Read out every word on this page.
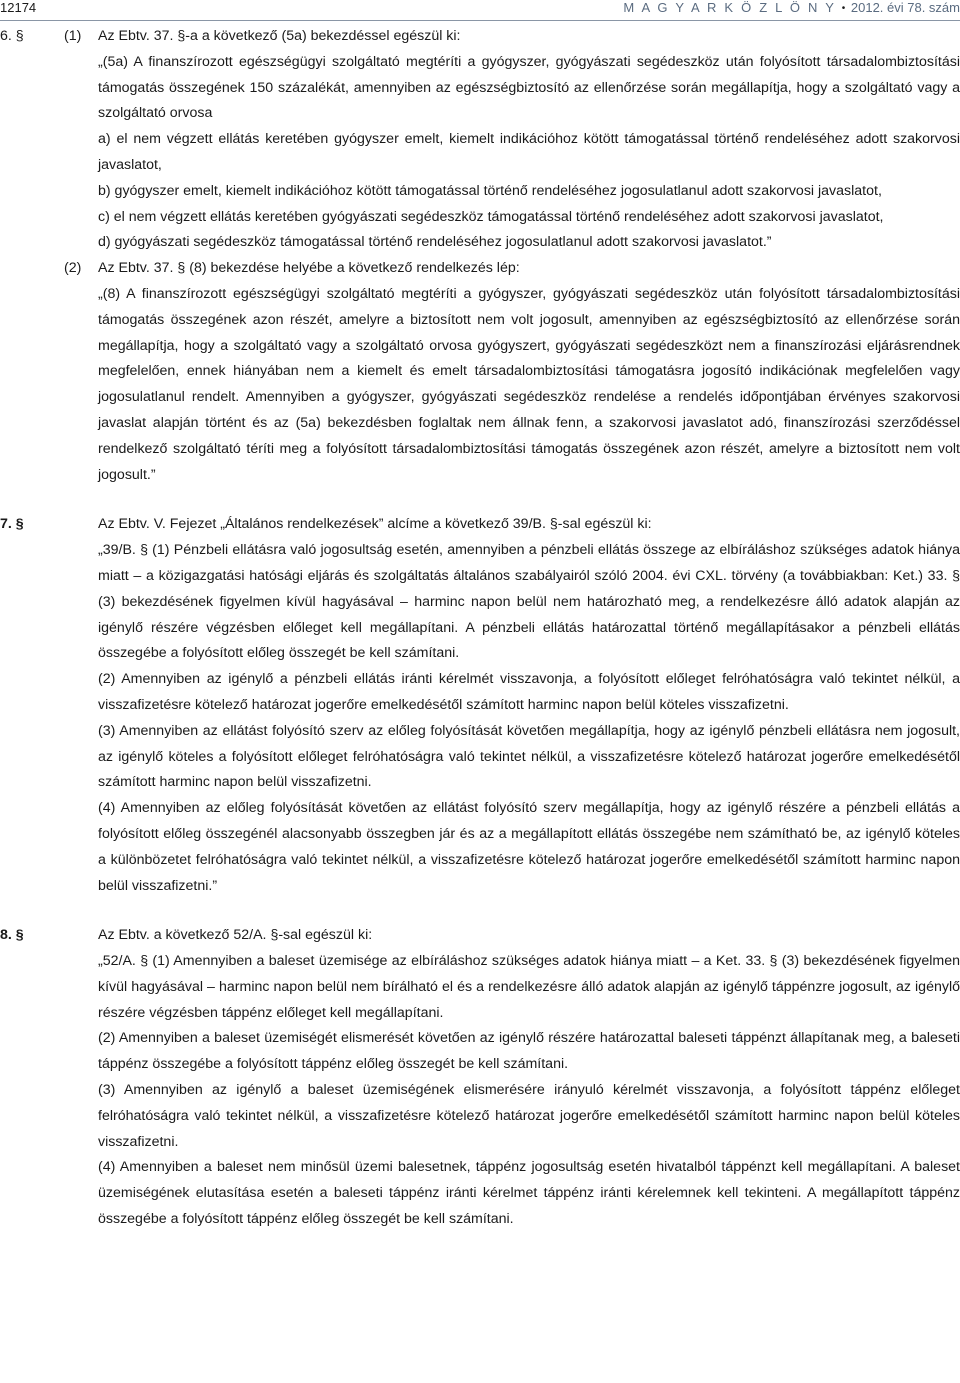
12174	M A G Y A R K Ö Z L Ö N Y • 2012. évi 78. szám
6. §	(1) Az Ebtv. 37. §-a a következő (5a) bekezdéssel egészül ki:

„(5a) A finanszírozott egészségügyi szolgáltató megtéríti a gyógyszer, gyógyászati segédeszköz után folyósított társadalombiztosítási támogatás összegének 150 százalékát, amennyiben az egészségbiztosító az ellenőrzése során megállapítja, hogy a szolgáltató vagy a szolgáltató orvosa

a) el nem végzett ellátás keretében gyógyszer emelt, kiemelt indikációhoz kötött támogatással történő rendeléséhez adott szakorvosi javaslatot,

b) gyógyszer emelt, kiemelt indikációhoz kötött támogatással történő rendeléséhez jogosulatlanul adott szakorvosi javaslatot,

c) el nem végzett ellátás keretében gyógyászati segédeszköz támogatással történő rendeléséhez adott szakorvosi javaslatot,

d) gyógyászati segédeszköz támogatással történő rendeléséhez jogosulatlanul adott szakorvosi javaslatot.”

(2) Az Ebtv. 37. § (8) bekezdése helyébe a következő rendelkezés lép:

„(8) A finanszírozott egészségügyi szolgáltató megtéríti a gyógyszer, gyógyászati segédeszköz után folyósított társadalombiztosítási támogatás összegének azon részét, amelyre a biztosított nem volt jogosult, amennyiben az egészségbiztosító az ellenőrzése során megállapítja, hogy a szolgáltató vagy a szolgáltató orvosa gyógyszert, gyógyászati segédeszközt nem a finanszírozási eljárásrendnek megfelelően, ennek hiányában nem a kiemelt és emelt társadalombiztosítási támogatásra jogosító indikációnak megfelelően vagy jogosulatlanul rendelt. Amennyiben a gyógyszer, gyógyászati segédeszköz rendelése a rendelés időpontjában érvényes szakorvosi javaslat alapján történt és az (5a) bekezdésben foglaltak nem állnak fenn, a szakorvosi javaslatot adó, finanszírozási szerződéssel rendelkező szolgáltató téríti meg a folyósított társadalombiztosítási támogatás összegének azon részét, amelyre a biztosított nem volt jogosult.”

7. §	Az Ebtv. V. Fejezet „Általános rendelkezések” alcíme a következő 39/B. §-sal egészül ki:

„39/B. § (1) Pénzbeli ellátásra való jogosultság esetén, amennyiben a pénzbeli ellátás összege az elbíráláshoz szükséges adatok hiánya miatt – a közigazgatási hatósági eljárás és szolgáltatás általános szabályairól szóló 2004. évi CXL. törvény (a továbbiakban: Ket.) 33. § (3) bekezdésének figyelmen kívül hagyásával – harminc napon belül nem határozható meg, a rendelkezésre álló adatok alapján az igénylő részére végzésben előleget kell megállapítani. A pénzbeli ellátás határozattal történő megállapításakor a pénzbeli ellátás összegébe a folyósított előleg összegét be kell számítani.

(2) Amennyiben az igénylő a pénzbeli ellátás iránti kérelmét visszavonja, a folyósított előleget felróhatóságra való tekintet nélkül, a visszafizetésre kötelező határozat jogerőre emelkedésétől számított harminc napon belül köteles visszafizetni.

(3) Amennyiben az ellátást folyósító szerv az előleg folyósítását követően megállapítja, hogy az igénylő pénzbeli ellátásra nem jogosult, az igénylő köteles a folyósított előleget felróhatóságra való tekintet nélkül, a visszafizetésre kötelező határozat jogerőre emelkedésétől számított harminc napon belül visszafizetni.

(4) Amennyiben az előleg folyósítását követően az ellátást folyósító szerv megállapítja, hogy az igénylő részére a pénzbeli ellátás a folyósított előleg összegénél alacsonyabb összegben jár és az a megállapított ellátás összegébe nem számítható be, az igénylő köteles a különbözetet felróhatóságra való tekintet nélkül, a visszafizetésre kötelező határozat jogerőre emelkedésétől számított harminc napon belül visszafizetni.”

8. §	Az Ebtv. a következő 52/A. §-sal egészül ki:

„52/A. § (1) Amennyiben a baleset üzemisége az elbíráláshoz szükséges adatok hiánya miatt – a Ket. 33. § (3) bekezdésének figyelmen kívül hagyásával – harminc napon belül nem bírálható el és a rendelkezésre álló adatok alapján az igénylő táppénzre jogosult, az igénylő részére végzésben táppénz előleget kell megállapítani.

(2) Amennyiben a baleset üzemiségét elismerését követően az igénylő részére határozattal baleseti táppénzt állapítanak meg, a baleseti táppénz összegébe a folyósított táppénz előleg összegét be kell számítani.

(3) Amennyiben az igénylő a baleset üzemiségének elismerésére irányuló kérelmét visszavonja, a folyósított táppénz előleget felróhatóságra való tekintet nélkül, a visszafizetésre kötelező határozat jogerőre emelkedésétől számított harminc napon belül köteles visszafizetni.

(4) Amennyiben a baleset nem minősül üzemi balesetnek, táppénz jogosultság esetén hivatalból táppénzt kell megállapítani. A baleset üzemiségének elutasítása esetén a baleseti táppénz iránti kérelmet táppénz iránti kérelemnek kell tekinteni. A megállapított táppénz összegébe a folyósított táppénz előleg összegét be kell számítani.
